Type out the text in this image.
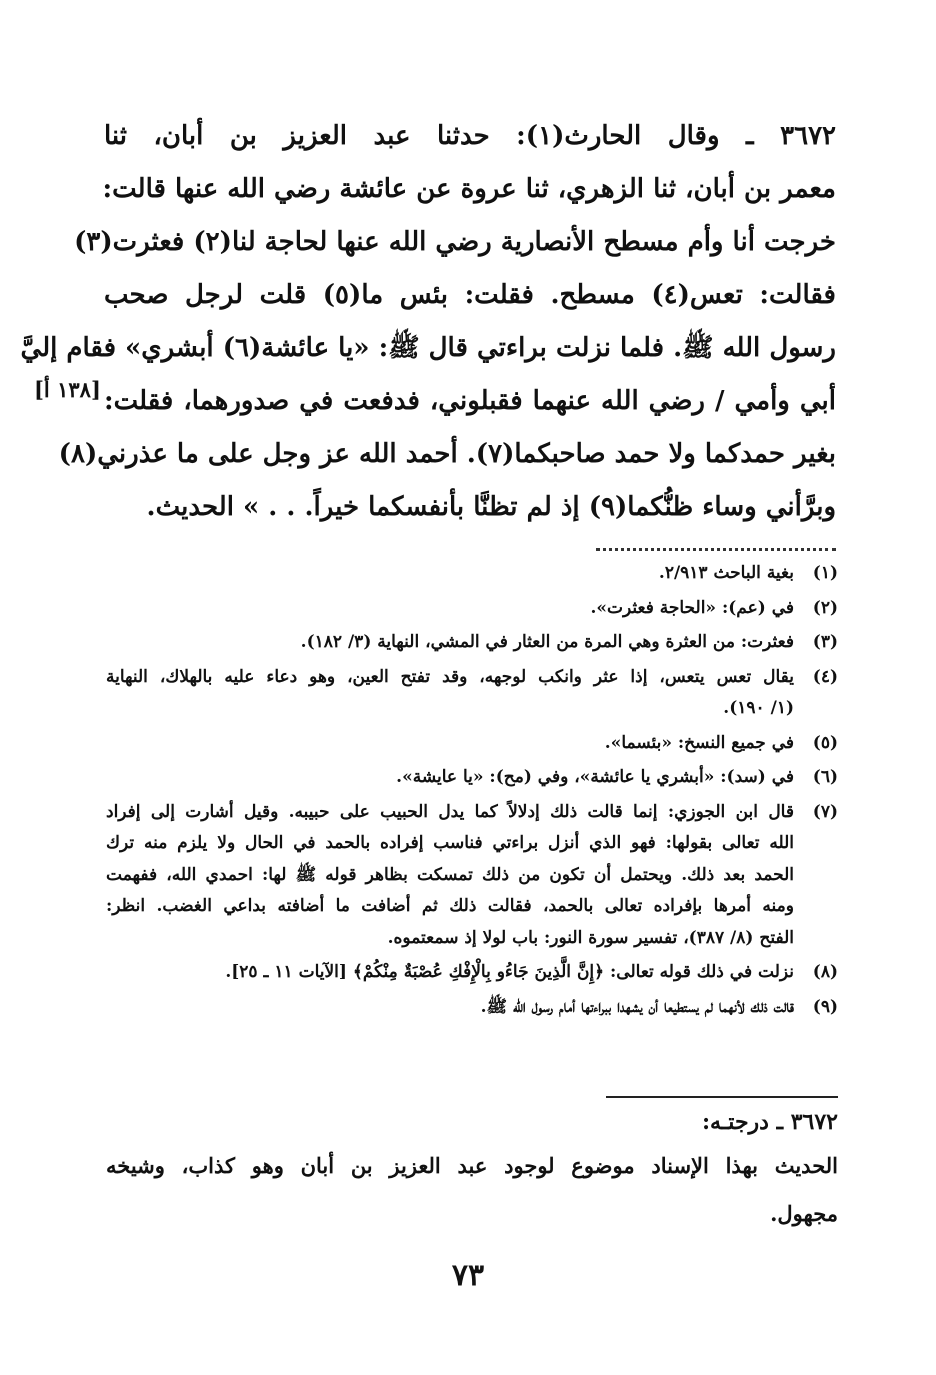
٣٦٧٢ ـ وقال الحارث(١): حدثنا عبد العزيز بن أبان، ثنا
معمر بن أبان، ثنا الزهري، ثنا عروة عن عائشة رضي الله عنها قالت:
خرجت أنا وأم مسطح الأنصارية رضي الله عنها لحاجة لنا(٢) فعثرت(٣)
فقالت: تعس(٤) مسطح. فقلت: بئس ما(٥) قلت لرجل صحب
رسول الله ﷺ. فلما نزلت براءتي قال ﷺ: «يا عائشة(٦) أبشري» فقام إليَّ
أبي وأمي / رضي الله عنهما فقبلوني، فدفعت في صدورهما، فقلت:
بغير حمدكما ولا حمد صاحبكما(٧). أحمد الله عز وجل على ما عذرني(٨)
وبرَّأني وساء ظنُّكما(٩) إذ لم تظنَّا بأنفسكما خيراً. . . » الحديث.
[١٣٨ أ]
(١)
بغية الباحث ٢/٩١٣.
(٢)
في (عم): «الحاجة فعثرت».
(٣)
فعثرت: من العثرة وهي المرة من العثار في المشي، النهاية (٣/ ١٨٢).
(٤)
يقال تعس يتعس، إذا عثر وانكب لوجهه، وقد تفتح العين، وهو دعاء عليه بالهلاك، النهاية
(١/ ١٩٠).
(٥)
في جميع النسخ: «بئسما».
(٦)
في (سد): «أبشري يا عائشة»، وفي (مح): «يا عايشة».
(٧)
قال ابن الجوزي: إنما قالت ذلك إدلالاً كما يدل الحبيب على حبيبه. وقيل أشارت إلى إفراد
الله تعالى بقولها: فهو الذي أنزل براءتي فناسب إفراده بالحمد في الحال ولا يلزم منه ترك
الحمد بعد ذلك. ويحتمل أن تكون من ذلك تمسكت بظاهر قوله ﷺ لها: احمدي الله، ففهمت
ومنه أمرها بإفراده تعالى بالحمد، فقالت ذلك ثم أضافت ما أضافته بداعي الغضب. انظر:
الفتح (٨/ ٣٨٧)، تفسير سورة النور: باب لولا إذ سمعتموه.
(٨)
نزلت في ذلك قوله تعالى: ﴿إِنَّ الَّذِينَ جَاءُو بِالْإِفْكِ عُصْبَةٌ مِنْكُمْ﴾ [الآيات ١١ ـ ٢٥].
(٩)
قالت ذلك لأنهما لم يستطيعا أن يشهدا ببراءتها أمام رسول الله ﷺ.
٣٦٧٢ ـ درجتـه:
الحديث بهذا الإسناد موضوع لوجود عبد العزيز بن أبان وهو كذاب، وشيخه
مجهول.
٧٣
